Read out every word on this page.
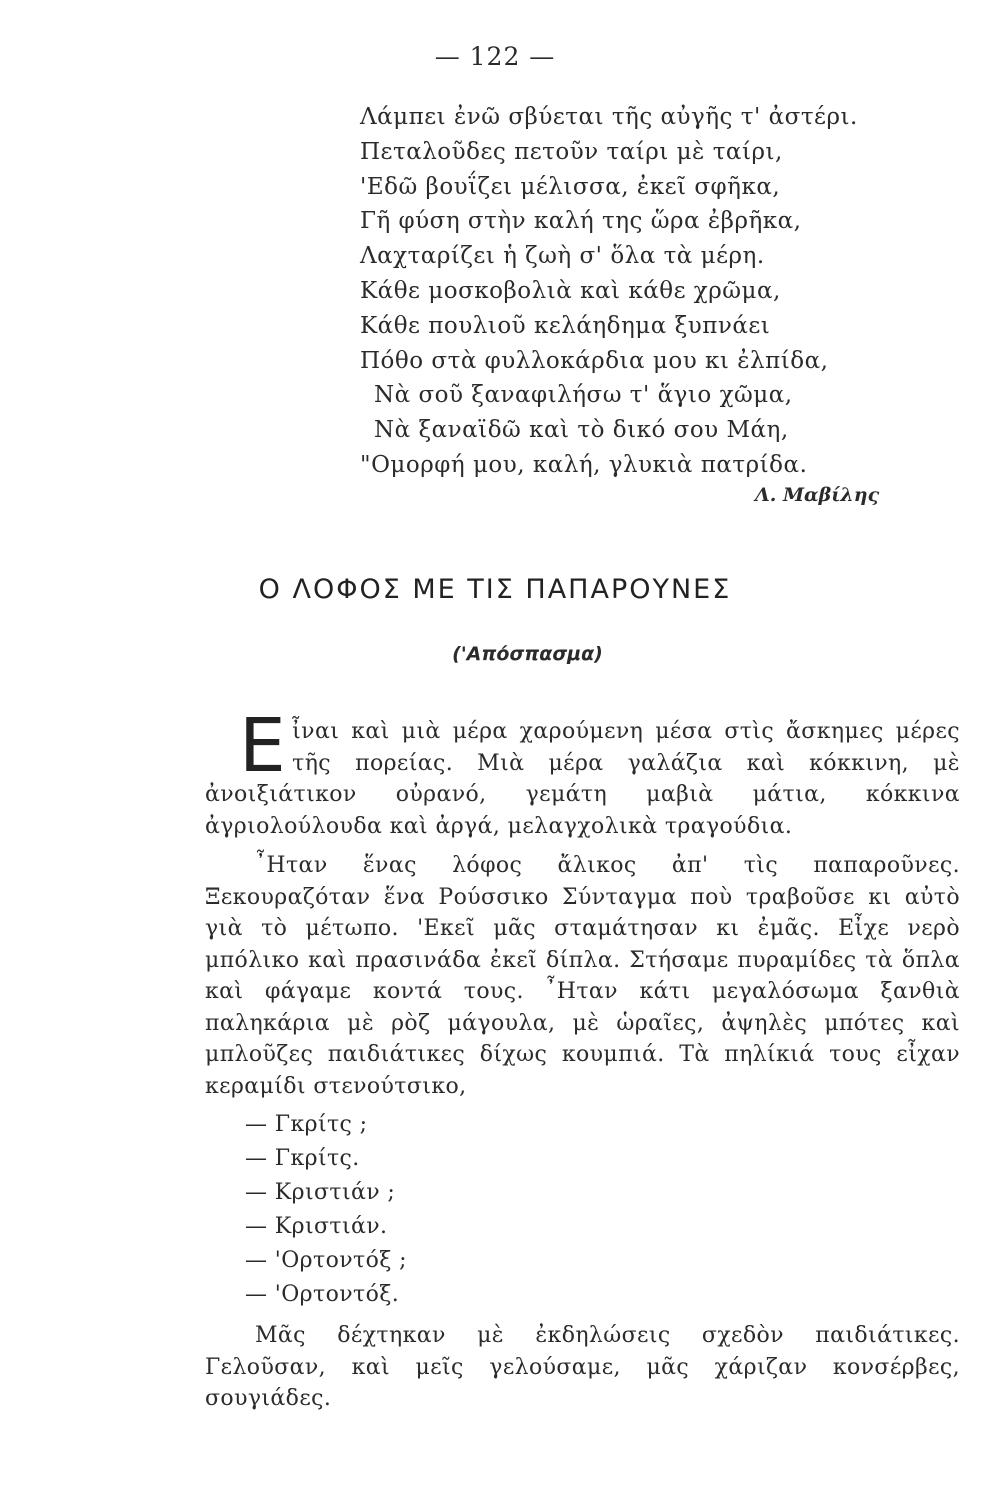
— 122 —
Λάμπει ἐνῶ σβύεται τῆς αὐγῆς τ' ἀστέρι.
Πεταλοῦδες πετοῦν ταίρι μὲ ταίρι,
'Εδῶ βουΐζει μέλισσα, ἐκεῖ σφῆκα,
Γῆ φύση στὴν καλή της ὥρα ἐβρῆκα,
Λαχταρίζει ἡ ζωὴ σ' ὅλα τὰ μέρη.
Κάθε μοσκοβολιὰ καὶ κάθε χρῶμα,
Κάθε πουλιοῦ κελάηδημα ξυπνάει
Πόθο στὰ φυλλοκάρδια μου κι ἐλπίδα,
Νὰ σοῦ ξαναφιλήσω τ' ἅγιο χῶμα,
Νὰ ξαναϊδῶ καὶ τὸ δικό σου Μάη,
"Ομορφή μου, καλή, γλυκιὰ πατρίδα.
Λ. Μαβίλης
Ο ΛΟΦΟΣ ΜΕ ΤΙΣ ΠΑΠΑΡΟΥΝΕΣ
('Απόσπασμα)

E ἶναι καὶ μιὰ μέρα χαρούμενη μέσα στὶς ἄσκημες μέρες τῆς πορείας. Μιὰ μέρα γαλάζια καὶ κόκκινη, μὲ ἀνοιξιάτικον οὐρανό, γεμάτη μαβιὰ μάτια, κόκκινα ἀγριολούλουδα καὶ ἀργά, μελαγχολικὰ τραγούδια.

῏Ηταν ἕνας λόφος ἄλικος ἀπ' τὶς παπαροῦνες. Ξεκουραζόταν ἕνα Ρούσσικο Σύνταγμα ποὺ τραβοῦσε κι αὐτὸ γιὰ τὸ μέτωπο. 'Εκεῖ μᾶς σταμάτησαν κι ἐμᾶς. Εἶχε νερὸ μπόλικο καὶ πρασινάδα ἐκεῖ δίπλα. Στήσαμε πυραμίδες τὰ ὅπλα καὶ φάγαμε κοντά τους. ῏Ηταν κάτι μεγαλόσωμα ξανθιὰ παληκάρια μὲ ρὸζ μάγουλα, μὲ ὡραῖες, ἀψηλὲς μπότες καὶ μπλοῦζες παιδιάτικες δίχως κουμπιά. Τὰ πηλίκιά τους εἶχαν κεραμίδι στενούτσικο,

— Γκρίτς ;
— Γκρίτς.
— Κριστιάν ;
— Κριστιάν.
— 'Ορτοντόξ ;
— 'Ορτοντόξ.

Μᾶς δέχτηκαν μὲ ἐκδηλώσεις σχεδὸν παιδιάτικες. Γελοῦσαν, καὶ μεῖς γελούσαμε, μᾶς χάριζαν κονσέρβες, σουγιάδες.
